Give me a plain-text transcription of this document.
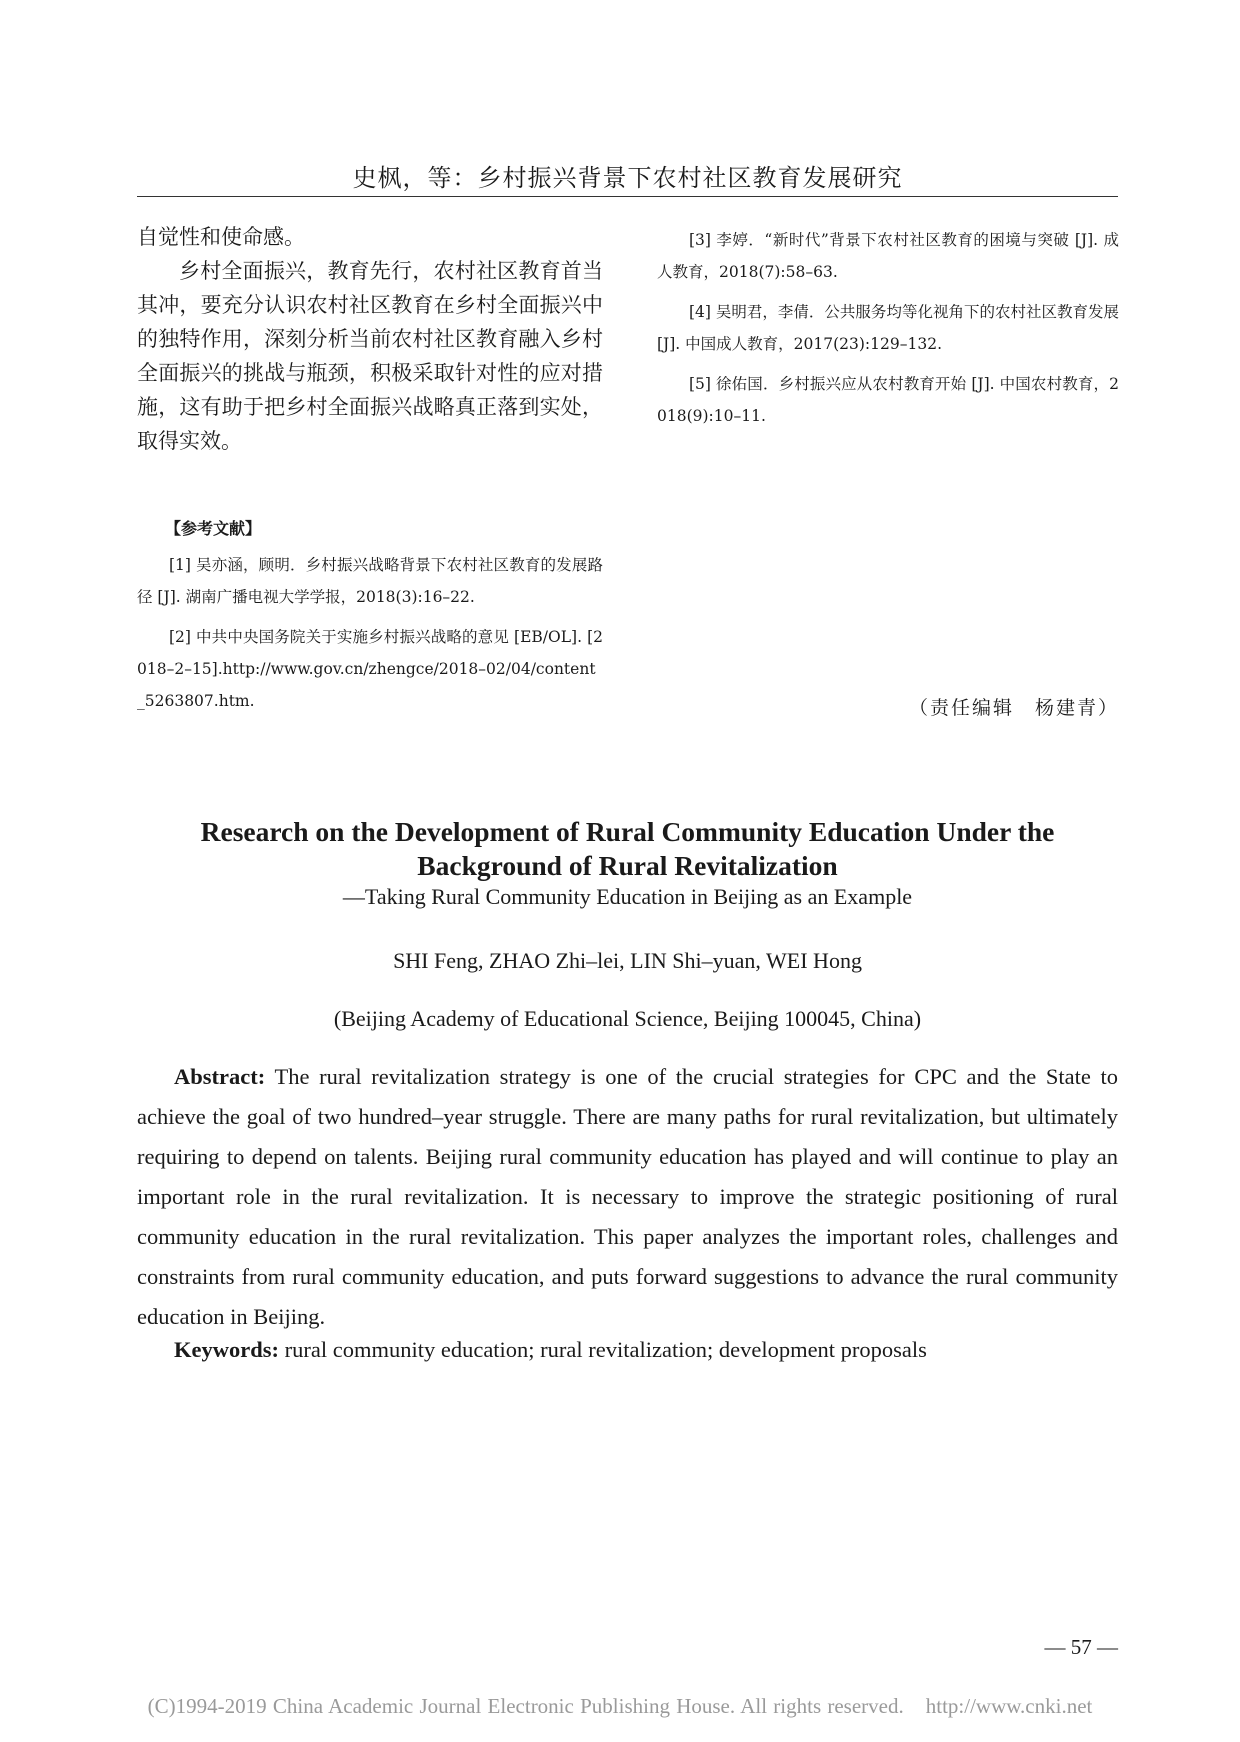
史枫，等：乡村振兴背景下农村社区教育发展研究

自觉性和使命感。

乡村全面振兴，教育先行，农村社区教育首当其冲，要充分认识农村社区教育在乡村全面振兴中的独特作用，深刻分析当前农村社区教育融入乡村全面振兴的挑战与瓶颈，积极采取针对性的应对措施，这有助于把乡村全面振兴战略真正落到实处，取得实效。

【参考文献】

[1] 吴亦涵，顾明．乡村振兴战略背景下农村社区教育的发展路径 [J]. 湖南广播电视大学学报，2018(3):16–22.

[2] 中共中央国务院关于实施乡村振兴战略的意见 [EB/OL]. [2018–2–15].http://www.gov.cn/zhengce/2018–02/04/content_5263807.htm.

[3] 李婷．“新时代”背景下农村社区教育的困境与突破 [J]. 成人教育，2018(7):58–63.

[4] 吴明君，李倩．公共服务均等化视角下的农村社区教育发展 [J]. 中国成人教育，2017(23):129–132.

[5] 徐佑国．乡村振兴应从农村教育开始 [J]. 中国农村教育，2018(9):10–11.

（责任编辑　杨建青）
Research on the Development of Rural Community Education Under the
Background of Rural Revitalization
—Taking Rural Community Education in Beijing as an Example
SHI Feng, ZHAO Zhi–lei, LIN Shi–yuan, WEI Hong
(Beijing Academy of Educational Science, Beijing 100045, China)

Abstract: The rural revitalization strategy is one of the crucial strategies for CPC and the State to achieve the goal of two hundred–year struggle. There are many paths for rural revitalization, but ultimately requiring to depend on talents. Beijing rural community education has played and will continue to play an important role in the rural revitalization. It is necessary to improve the strategic positioning of rural community education in the rural revitalization. This paper analyzes the important roles, challenges and constraints from rural community education, and puts forward suggestions to advance the rural community education in Beijing.

Keywords: rural community education; rural revitalization; development proposals

— 57 —
(C)1994-2019 China Academic Journal Electronic Publishing House. All rights reserved. http://www.cnki.net
